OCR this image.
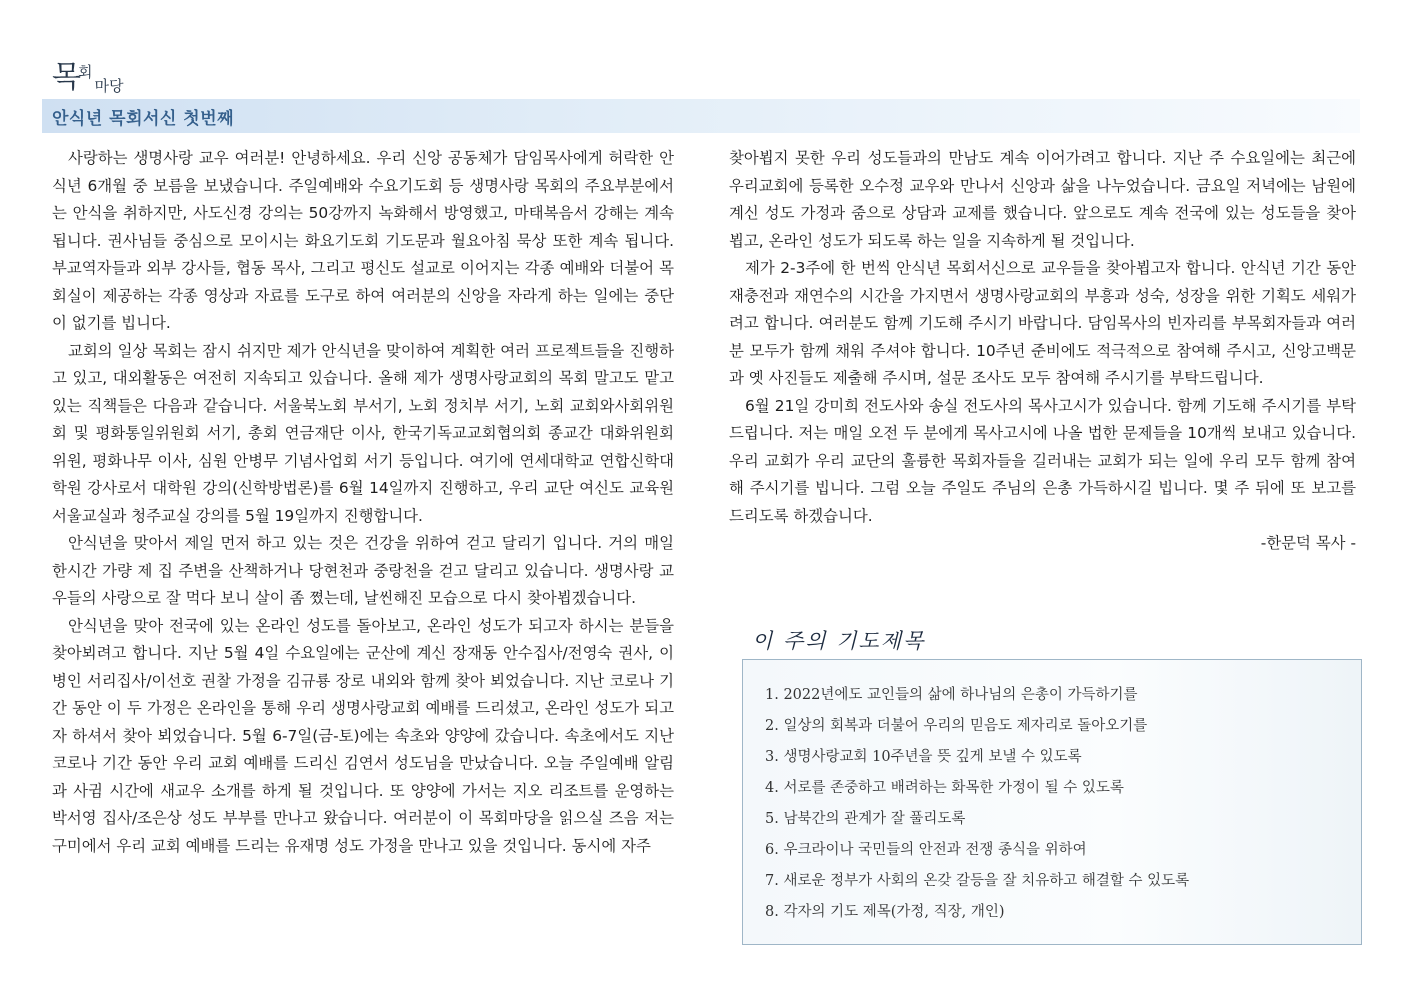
목회마당
안식년 목회서신 첫번째

사랑하는 생명사랑 교우 여러분! 안녕하세요. 우리 신앙 공동체가 담임목사에게 허락한 안식년 6개월 중 보름을 보냈습니다. 주일예배와 수요기도회 등 생명사랑 목회의 주요부분에서는 안식을 취하지만, 사도신경 강의는 50강까지 녹화해서 방영했고, 마태복음서 강해는 계속 됩니다. 권사님들 중심으로 모이시는 화요기도회 기도문과 월요아침 묵상 또한 계속 됩니다. 부교역자들과 외부 강사들, 협동 목사, 그리고 평신도 설교로 이어지는 각종 예배와 더불어 목회실이 제공하는 각종 영상과 자료를 도구로 하여 여러분의 신앙을 자라게 하는 일에는 중단이 없기를 빕니다.

교회의 일상 목회는 잠시 쉬지만 제가 안식년을 맞이하여 계획한 여러 프로젝트들을 진행하고 있고, 대외활동은 여전히 지속되고 있습니다. 올해 제가 생명사랑교회의 목회 말고도 맡고 있는 직책들은 다음과 같습니다. 서울북노회 부서기, 노회 정치부 서기, 노회 교회와사회위원회 및 평화통일위원회 서기, 총회 연금재단 이사, 한국기독교교회협의회 종교간 대화위원회 위원, 평화나무 이사, 심원 안병무 기념사업회 서기 등입니다. 여기에 연세대학교 연합신학대학원 강사로서 대학원 강의(신학방법론)를 6월 14일까지 진행하고, 우리 교단 여신도 교육원 서울교실과 청주교실 강의를 5월 19일까지 진행합니다.

안식년을 맞아서 제일 먼저 하고 있는 것은 건강을 위하여 걷고 달리기 입니다. 거의 매일 한시간 가량 제 집 주변을 산책하거나 당현천과 중랑천을 걷고 달리고 있습니다. 생명사랑 교우들의 사랑으로 잘 먹다 보니 살이 좀 쪘는데, 날씬해진 모습으로 다시 찾아뵙겠습니다.

안식년을 맞아 전국에 있는 온라인 성도를 돌아보고, 온라인 성도가 되고자 하시는 분들을 찾아뵈려고 합니다. 지난 5월 4일 수요일에는 군산에 계신 장재동 안수집사/전영숙 권사, 이병인 서리집사/이선호 권찰 가정을 김규룡 장로 내외와 함께 찾아 뵈었습니다. 지난 코로나 기간 동안 이 두 가정은 온라인을 통해 우리 생명사랑교회 예배를 드리셨고, 온라인 성도가 되고자 하셔서 찾아 뵈었습니다. 5월 6-7일(금-토)에는 속초와 양양에 갔습니다. 속초에서도 지난 코로나 기간 동안 우리 교회 예배를 드리신 김연서 성도님을 만났습니다. 오늘 주일예배 알림과 사귐 시간에 새교우 소개를 하게 될 것입니다. 또 양양에 가서는 지오 리조트를 운영하는 박서영 집사/조은상 성도 부부를 만나고 왔습니다. 여러분이 이 목회마당을 읽으실 즈음 저는 구미에서 우리 교회 예배를 드리는 유재명 성도 가정을 만나고 있을 것입니다. 동시에 자주

찾아뵙지 못한 우리 성도들과의 만남도 계속 이어가려고 합니다. 지난 주 수요일에는 최근에 우리교회에 등록한 오수정 교우와 만나서 신앙과 삶을 나누었습니다. 금요일 저녁에는 남원에 계신 성도 가정과 줌으로 상담과 교제를 했습니다. 앞으로도 계속 전국에 있는 성도들을 찾아뵙고, 온라인 성도가 되도록 하는 일을 지속하게 될 것입니다.

제가 2-3주에 한 번씩 안식년 목회서신으로 교우들을 찾아뵙고자 합니다. 안식년 기간 동안 재충전과 재연수의 시간을 가지면서 생명사랑교회의 부흥과 성숙, 성장을 위한 기획도 세워가려고 합니다. 여러분도 함께 기도해 주시기 바랍니다. 담임목사의 빈자리를 부목회자들과 여러분 모두가 함께 채워 주셔야 합니다. 10주년 준비에도 적극적으로 참여해 주시고, 신앙고백문과 옛 사진들도 제출해 주시며, 설문 조사도 모두 참여해 주시기를 부탁드립니다.

6월 21일 강미희 전도사와 송실 전도사의 목사고시가 있습니다. 함께 기도해 주시기를 부탁 드립니다. 저는 매일 오전 두 분에게 목사고시에 나올 법한 문제들을 10개씩 보내고 있습니다. 우리 교회가 우리 교단의 훌륭한 목회자들을 길러내는 교회가 되는 일에 우리 모두 함께 참여해 주시기를 빕니다. 그럼 오늘 주일도 주님의 은총 가득하시길 빕니다. 몇 주 뒤에 또 보고를 드리도록 하겠습니다.

-한문덕 목사 -
이 주의 기도제목
1. 2022년에도 교인들의 삶에 하나님의 은총이 가득하기를
2. 일상의 회복과 더불어 우리의 믿음도 제자리로 돌아오기를
3. 생명사랑교회 10주년을 뜻 깊게 보낼 수 있도록
4. 서로를 존중하고 배려하는 화목한 가정이 될 수 있도록
5. 남북간의 관계가 잘 풀리도록
6. 우크라이나 국민들의 안전과 전쟁 종식을 위하여
7. 새로운 정부가 사회의 온갖 갈등을 잘 치유하고 해결할 수 있도록
8. 각자의 기도 제목(가정, 직장, 개인)
